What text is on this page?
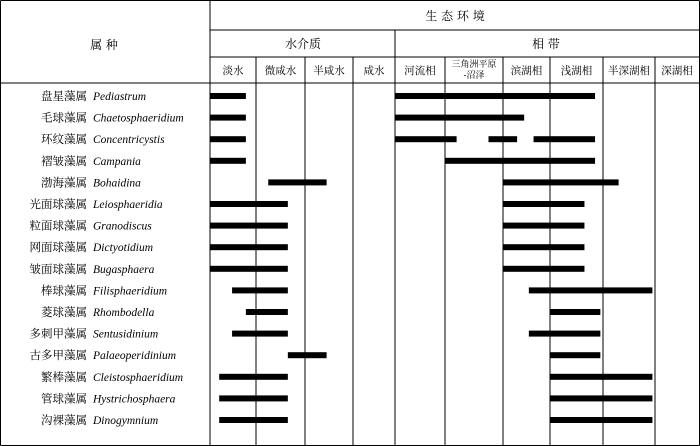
属 种
生 态 环 境
水介质	相 带
淡水 微咸水 半咸水 咸水 河流相 三角洲平原
-沼泽 滨湖相 浅湖相 半深湖相 深湖相
盘星藻属 Pediastrum
毛球藻属 Chaetosphaeridium
环纹藻属 Concentricystis
褶皱藻属 Campania
渤海藻属 Bohaidina
光面球藻属 Leiosphaeridia
粒面球藻属 Granodiscus
网面球藻属 Dictyotidium
皱面球藻属 Bugasphaera
棒球藻属 Filisphaeridium
菱球藻属 Rhombodella
多刺甲藻属 Sentusidinium
古多甲藻属 Palaeoperidinium
繁棒藻属 Cleistosphaeridium
管球藻属 Hystrichosphaera
沟裸藻属 Dinogymnium
